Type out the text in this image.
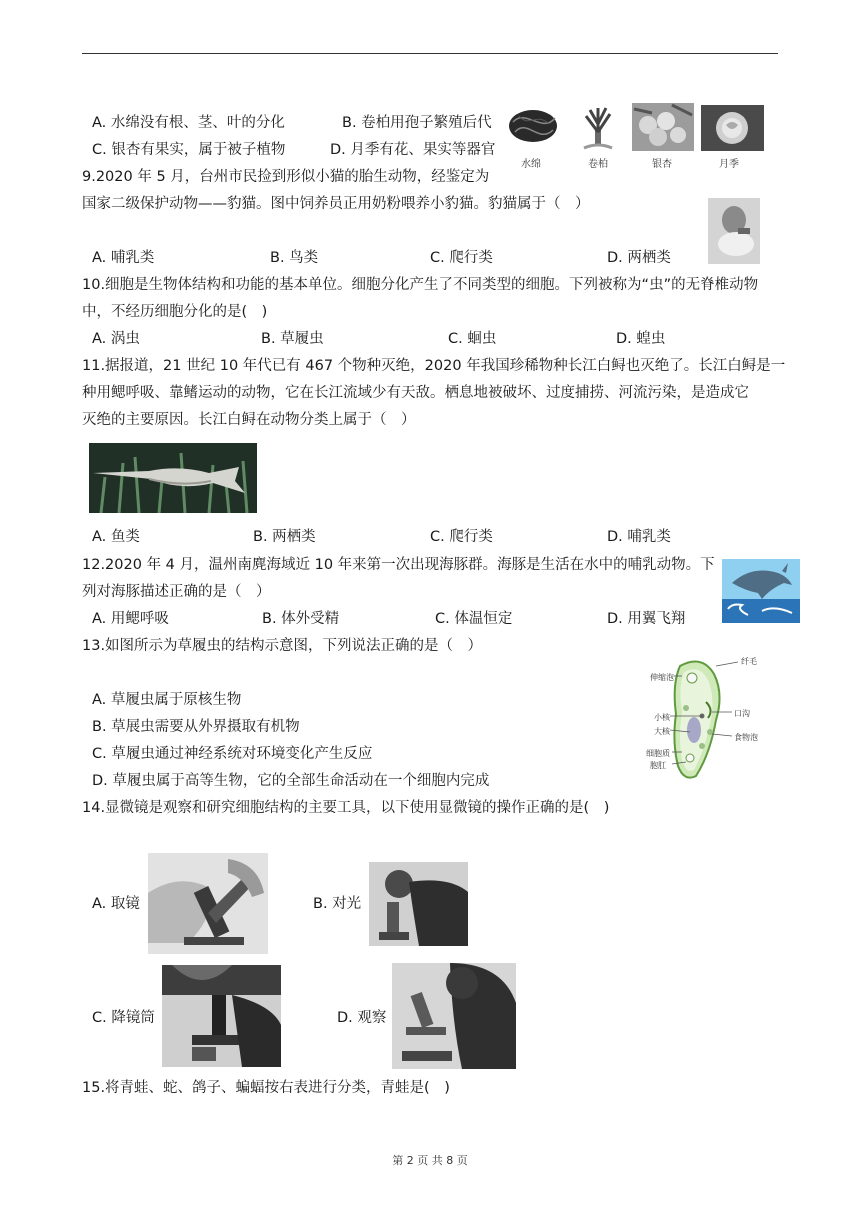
A. 水绵没有根、茎、叶的分化	B. 卷柏用孢子繁殖后代
C. 银杏有果实，属于被子植物	D. 月季有花、果实等器官
水绵	卷柏	银杏	月季
9.2020 年 5 月，台州市民捡到形似小猫的胎生动物，经鉴定为
国家二级保护动物——豹猫。图中饲养员正用奶粉喂养小豹猫。豹猫属于（　）
A. 哺乳类	B. 鸟类	C. 爬行类	D. 两栖类
10.细胞是生物体结构和功能的基本单位。细胞分化产生了不同类型的细胞。下列被称为“虫”的无脊椎动物
中，不经历细胞分化的是(　)
A. 涡虫	B. 草履虫	C. 蛔虫	D. 蝗虫
11.据报道，21 世纪 10 年代已有 467 个物种灭绝，2020 年我国珍稀物种长江白鲟也灭绝了。长江白鲟是一
种用鳃呼吸、靠鳍运动的动物，它在长江流域少有天敌。栖息地被破坏、过度捕捞、河流污染，是造成它
灭绝的主要原因。长江白鲟在动物分类上属于（　）
A. 鱼类	B. 两栖类	C. 爬行类	D. 哺乳类
12.2020 年 4 月，温州南麂海域近 10 年来第一次出现海豚群。海豚是生活在水中的哺乳动物。下
列对海豚描述正确的是（　）
A. 用鳃呼吸	B. 体外受精	C. 体温恒定	D. 用翼飞翔
13.如图所示为草履虫的结构示意图，下列说法正确的是（　）
A. 草履虫属于原核生物
B. 草展虫需要从外界摄取有机物
C. 草履虫通过神经系统对环境变化产生反应
D. 草履虫属于高等生物，它的全部生命活动在一个细胞内完成
纤毛
伸缩泡
口沟
小核
大核
食物泡
细胞质
胞肛
14.显微镜是观察和研究细胞结构的主要工具，以下使用显微镜的操作正确的是(　)
A. 取镜	B. 对光
C. 降镜筒	D. 观察
15.将青蛙、蛇、鸽子、蝙蝠按右表进行分类，青蛙是(　)
第 2 页 共 8 页
